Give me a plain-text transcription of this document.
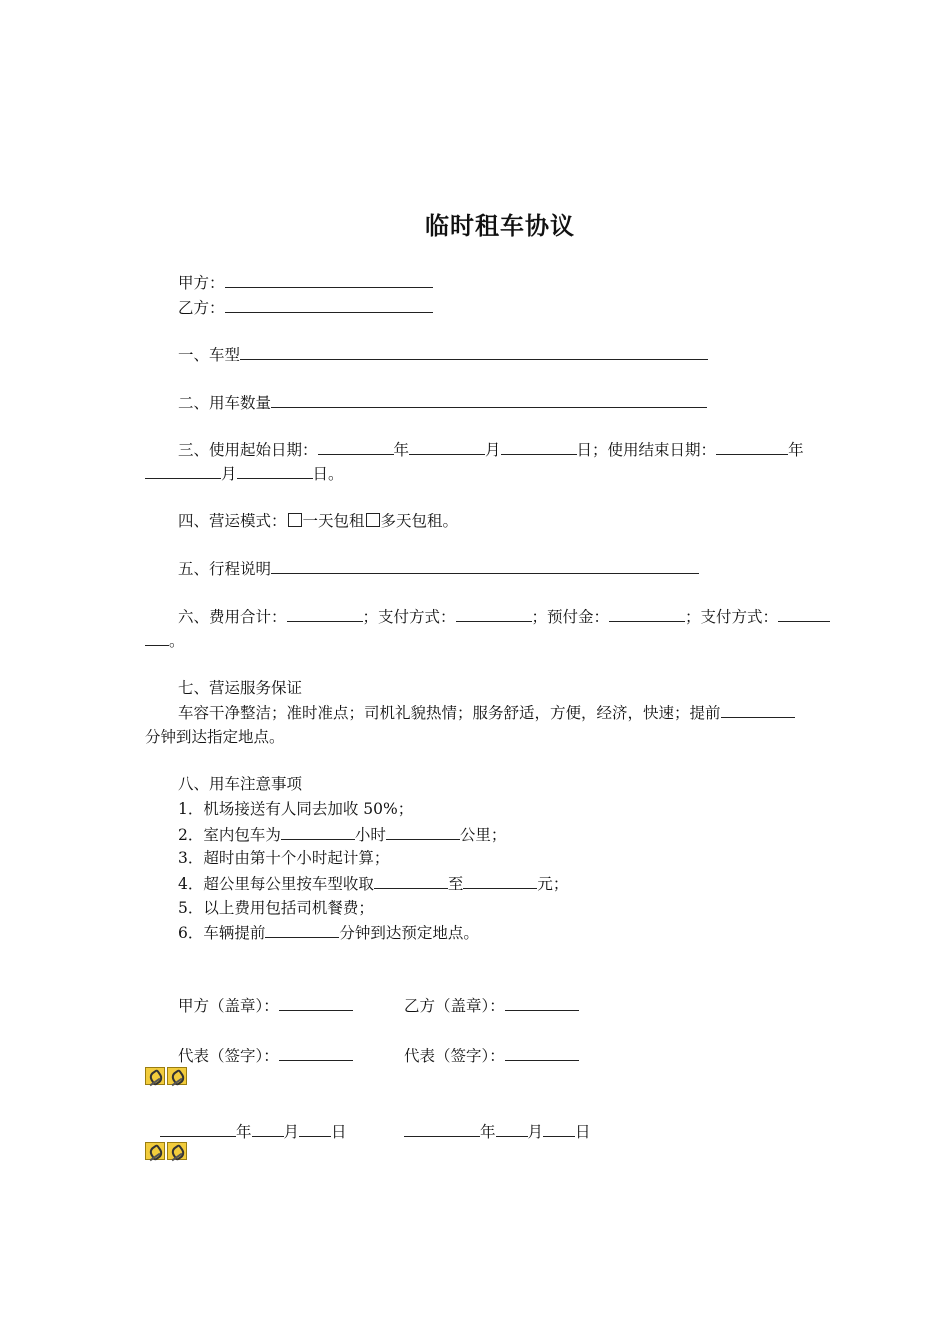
临时租车协议
甲方：
乙方：
一、车型
二、用车数量
三、使用起始日期：	年	月	日；使用结束日期：	年
月	日。
四、营运模式： 一天包租 多天包租。
五、行程说明
六、费用合计：	；支付方式：	；预付金：	；支付方式：
。
七、营运服务保证
车容干净整洁；准时准点；司机礼貌热情；服务舒适，方便，经济，快速；提前
分钟到达指定地点。
八、用车注意事项
1．机场接送有人同去加收 50%；
2．室内包车为	小时	公里；
3．超时由第十个小时起计算；
4．超公里每公里按车型收取	至	元；
5．以上费用包括司机餐费；
6．车辆提前	分钟到达预定地点。
甲方（盖章）：	乙方（盖章）：
代表（签字）：	代表（签字）：
年 月 日	年 月 日
